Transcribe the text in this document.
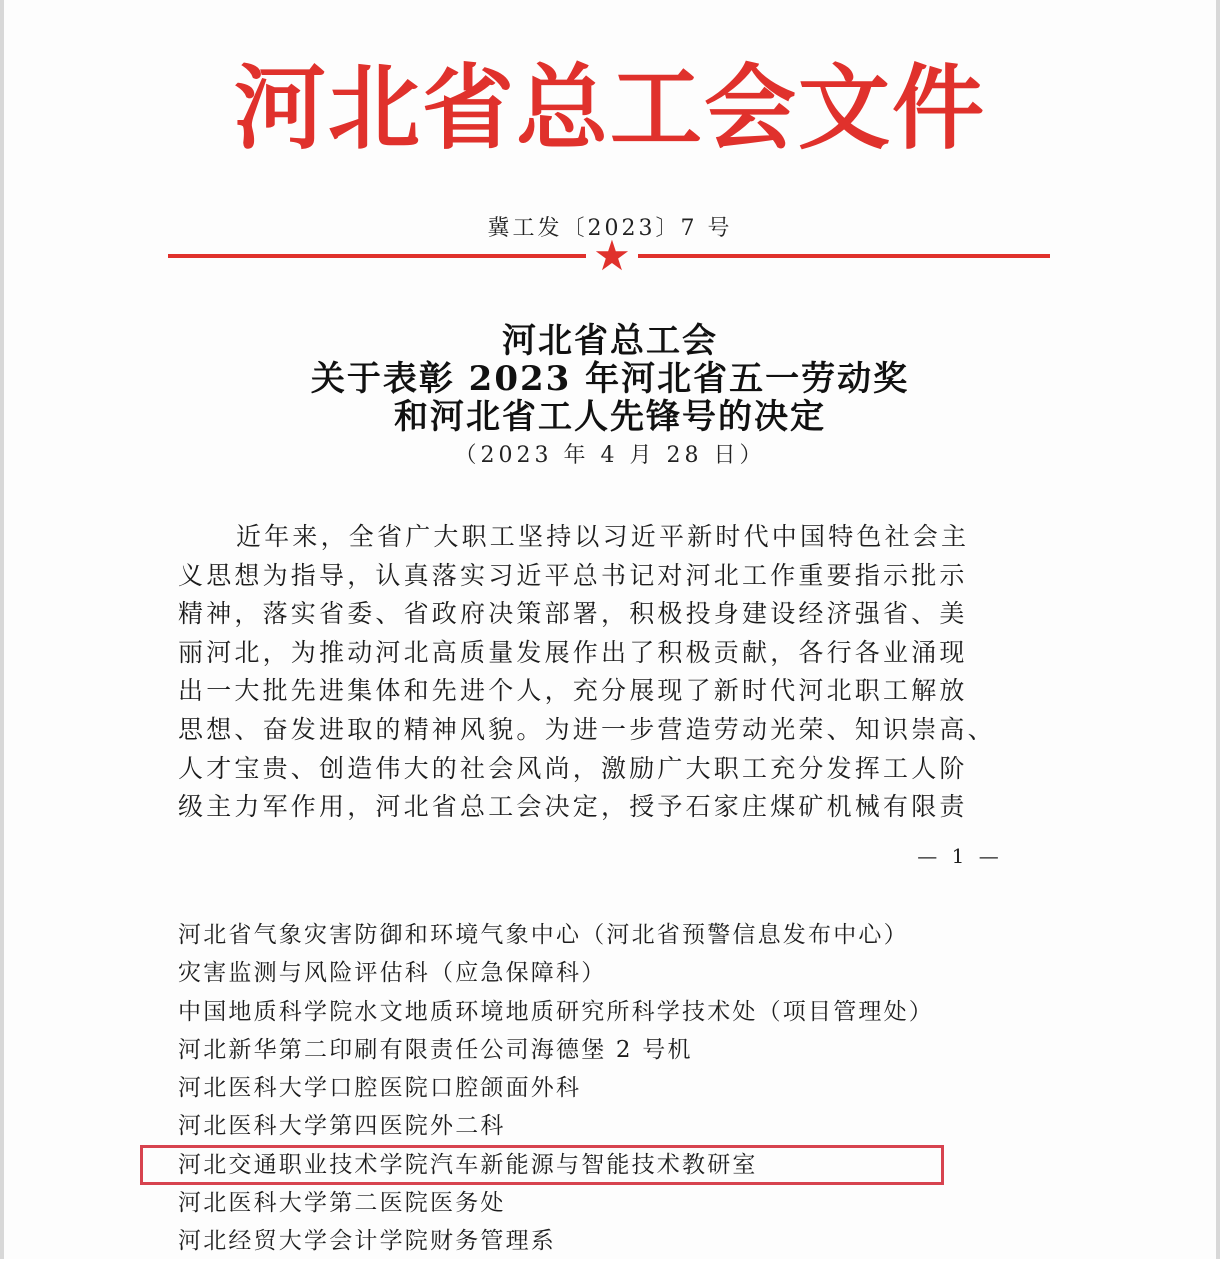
河北省总工会文件
冀工发〔2023〕7 号
★
河北省总工会
关于表彰 2023 年河北省五一劳动奖
和河北省工人先锋号的决定
（2023 年 4 月 28 日）
近年来，全省广大职工坚持以习近平新时代中国特色社会主
义思想为指导，认真落实习近平总书记对河北工作重要指示批示
精神，落实省委、省政府决策部署，积极投身建设经济强省、美
丽河北，为推动河北高质量发展作出了积极贡献，各行各业涌现
出一大批先进集体和先进个人，充分展现了新时代河北职工解放
思想、奋发进取的精神风貌。为进一步营造劳动光荣、知识崇高、
人才宝贵、创造伟大的社会风尚，激励广大职工充分发挥工人阶
级主力军作用，河北省总工会决定，授予石家庄煤矿机械有限责
— 1 —
河北省气象灾害防御和环境气象中心（河北省预警信息发布中心）
灾害监测与风险评估科（应急保障科）
中国地质科学院水文地质环境地质研究所科学技术处（项目管理处）
河北新华第二印刷有限责任公司海德堡 2 号机
河北医科大学口腔医院口腔颌面外科
河北医科大学第四医院外二科
河北交通职业技术学院汽车新能源与智能技术教研室
河北医科大学第二医院医务处
河北经贸大学会计学院财务管理系
